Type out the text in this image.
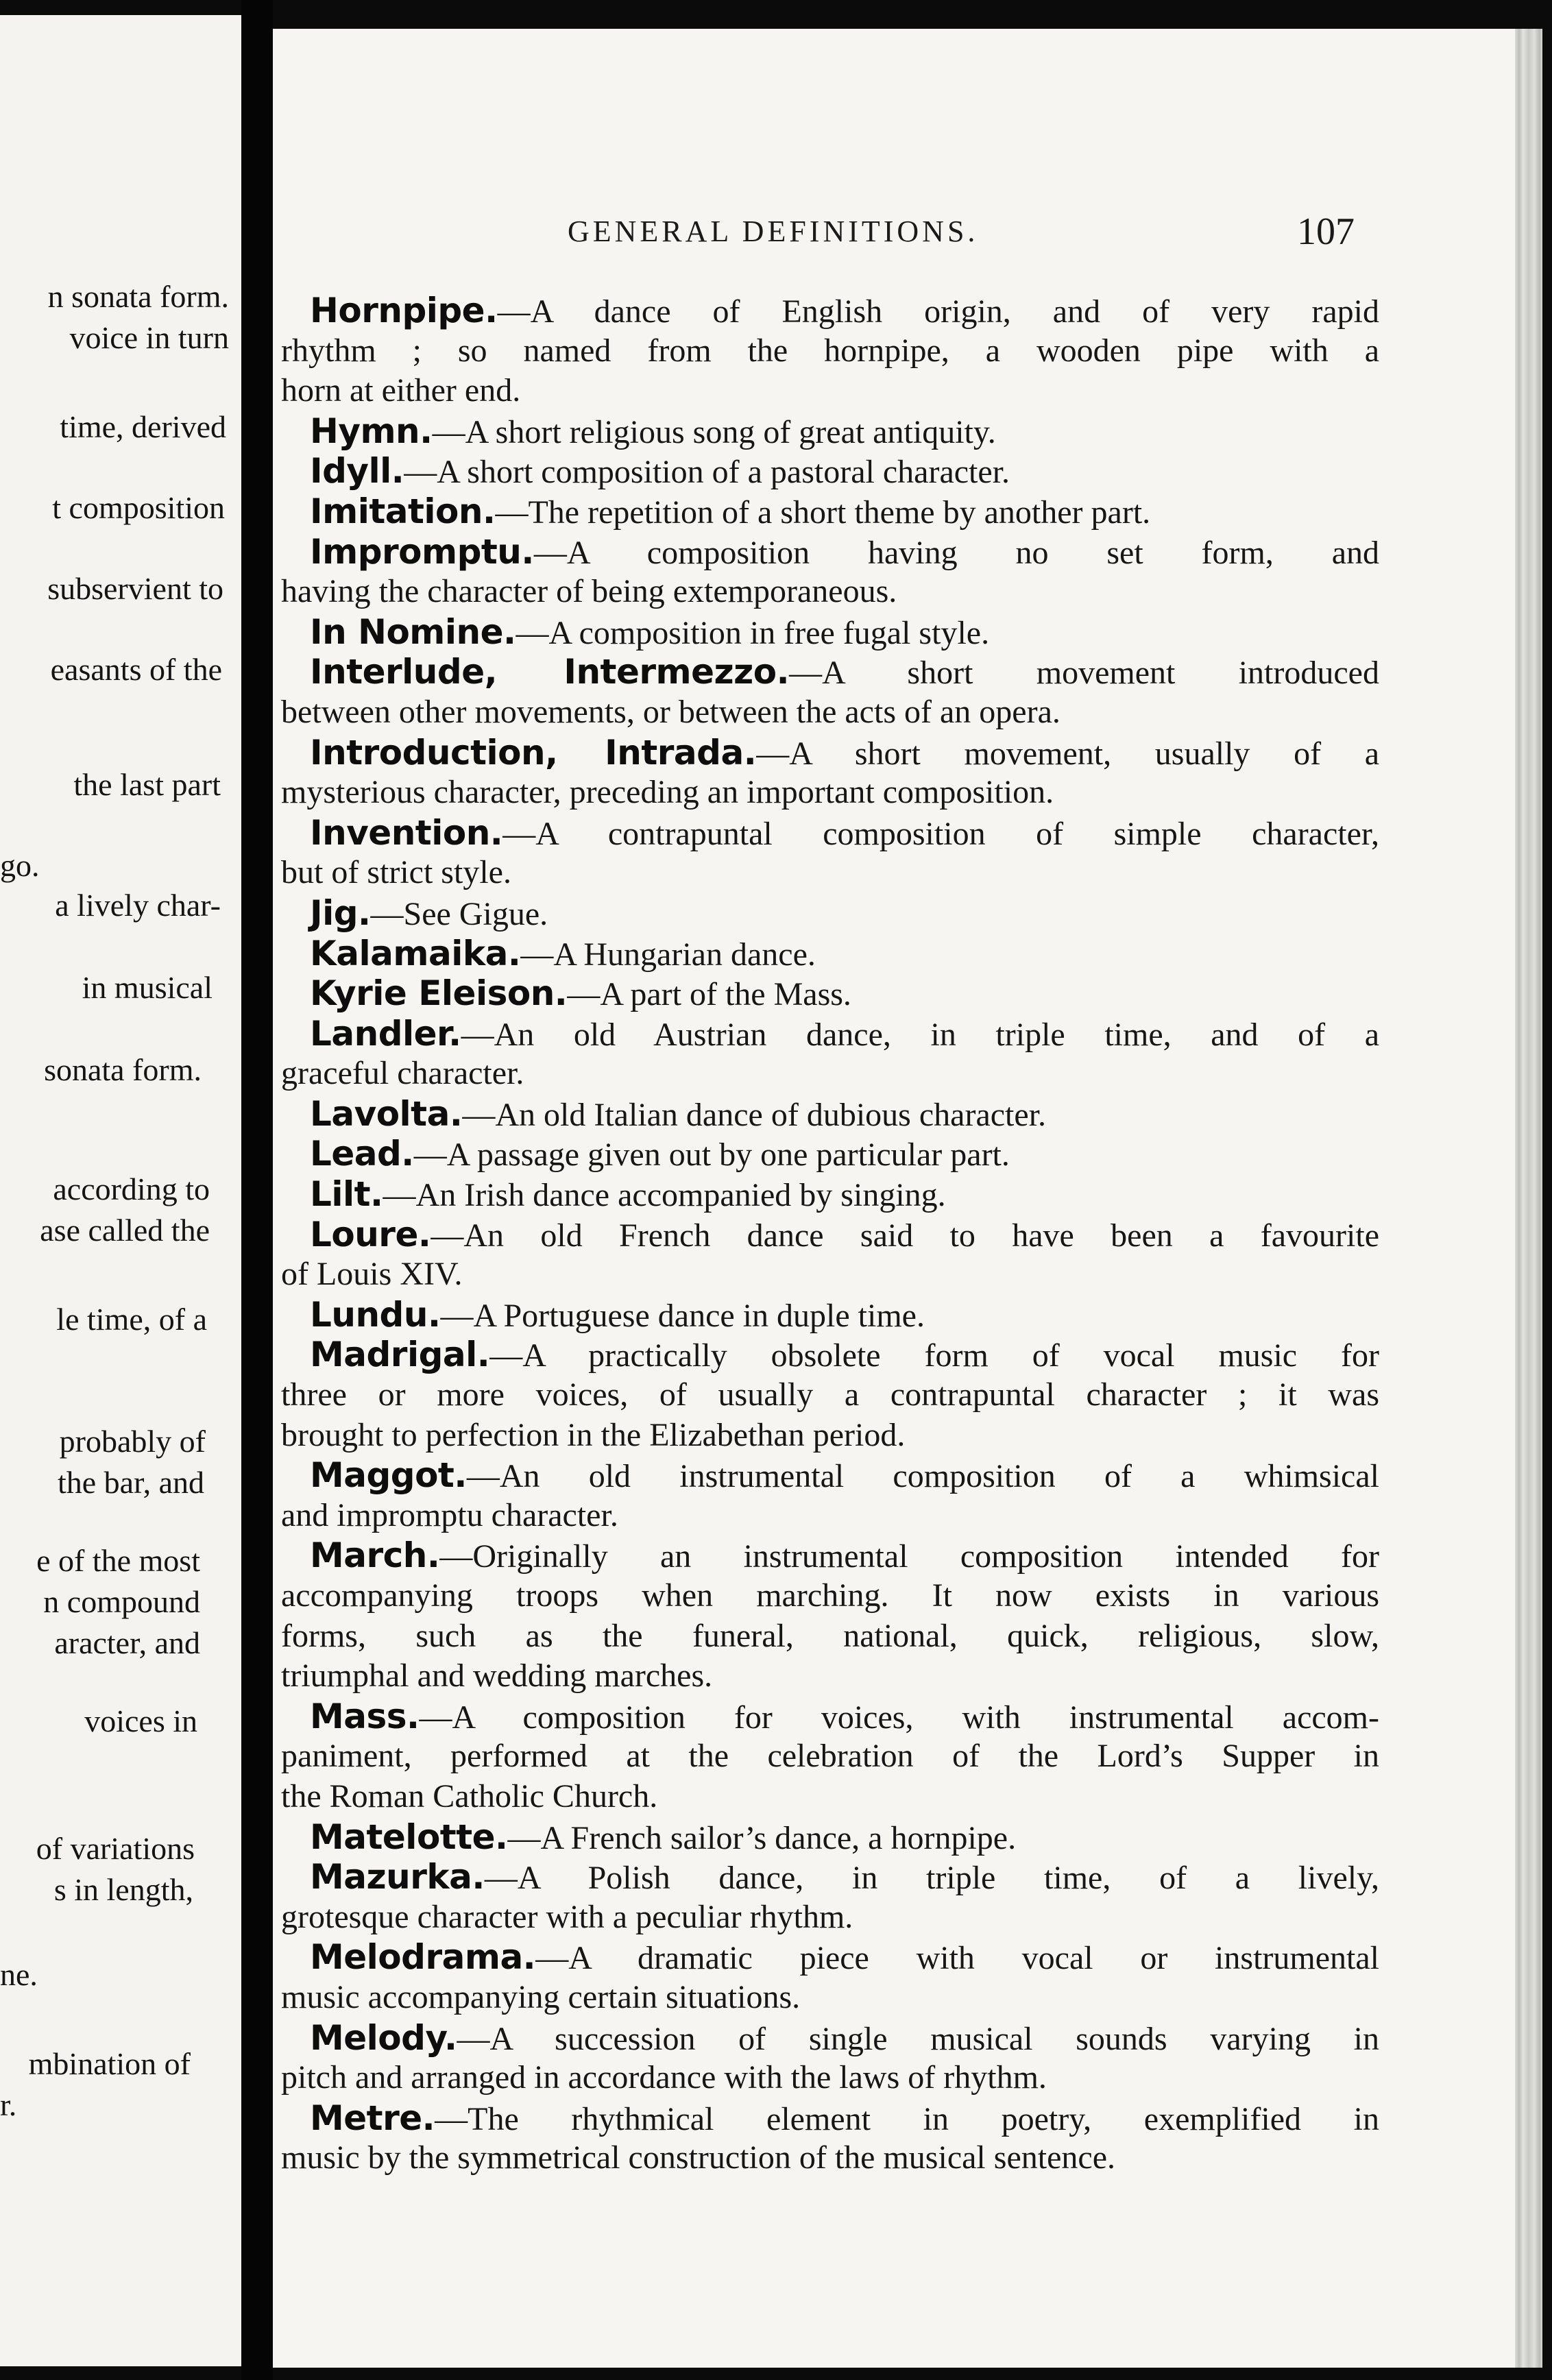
n sonata form.
voice in turn
time, derived
t composition
subservient to
easants of the
the last part
go.
a lively char-
in musical
sonata form.
according to
ase called the
le time, of a
probably of
the bar, and
e of the most
n compound
aracter, and
voices in
of variations
s in length,
ne.
mbination of
r.
GENERAL DEFINITIONS.	107
Hornpipe.—A dance of English origin, and of very rapid
rhythm ; so named from the hornpipe, a wooden pipe with a
horn at either end.
Hymn.—A short religious song of great antiquity.
Idyll.—A short composition of a pastoral character.
Imitation.—The repetition of a short theme by another part.
Impromptu.—A composition having no set form, and
having the character of being extemporaneous.
In Nomine.—A composition in free fugal style.
Interlude, Intermezzo.—A short movement introduced
between other movements, or between the acts of an opera.
Introduction, Intrada.—A short movement, usually of a
mysterious character, preceding an important composition.
Invention.—A contrapuntal composition of simple character,
but of strict style.
Jig.—See Gigue.
Kalamaika.—A Hungarian dance.
Kyrie Eleison.—A part of the Mass.
Landler.—An old Austrian dance, in triple time, and of a
graceful character.
Lavolta.—An old Italian dance of dubious character.
Lead.—A passage given out by one particular part.
Lilt.—An Irish dance accompanied by singing.
Loure.—An old French dance said to have been a favourite
of Louis XIV.
Lundu.—A Portuguese dance in duple time.
Madrigal.—A practically obsolete form of vocal music for
three or more voices, of usually a contrapuntal character ; it was
brought to perfection in the Elizabethan period.
Maggot.—An old instrumental composition of a whimsical
and impromptu character.
March.—Originally an instrumental composition intended for
accompanying troops when marching. It now exists in various
forms, such as the funeral, national, quick, religious, slow,
triumphal and wedding marches.
Mass.—A composition for voices, with instrumental accom-
paniment, performed at the celebration of the Lord’s Supper in
the Roman Catholic Church.
Matelotte.—A French sailor’s dance, a hornpipe.
Mazurka.—A Polish dance, in triple time, of a lively,
grotesque character with a peculiar rhythm.
Melodrama.—A dramatic piece with vocal or instrumental
music accompanying certain situations.
Melody.—A succession of single musical sounds varying in
pitch and arranged in accordance with the laws of rhythm.
Metre.—The rhythmical element in poetry, exemplified in
music by the symmetrical construction of the musical sentence.
